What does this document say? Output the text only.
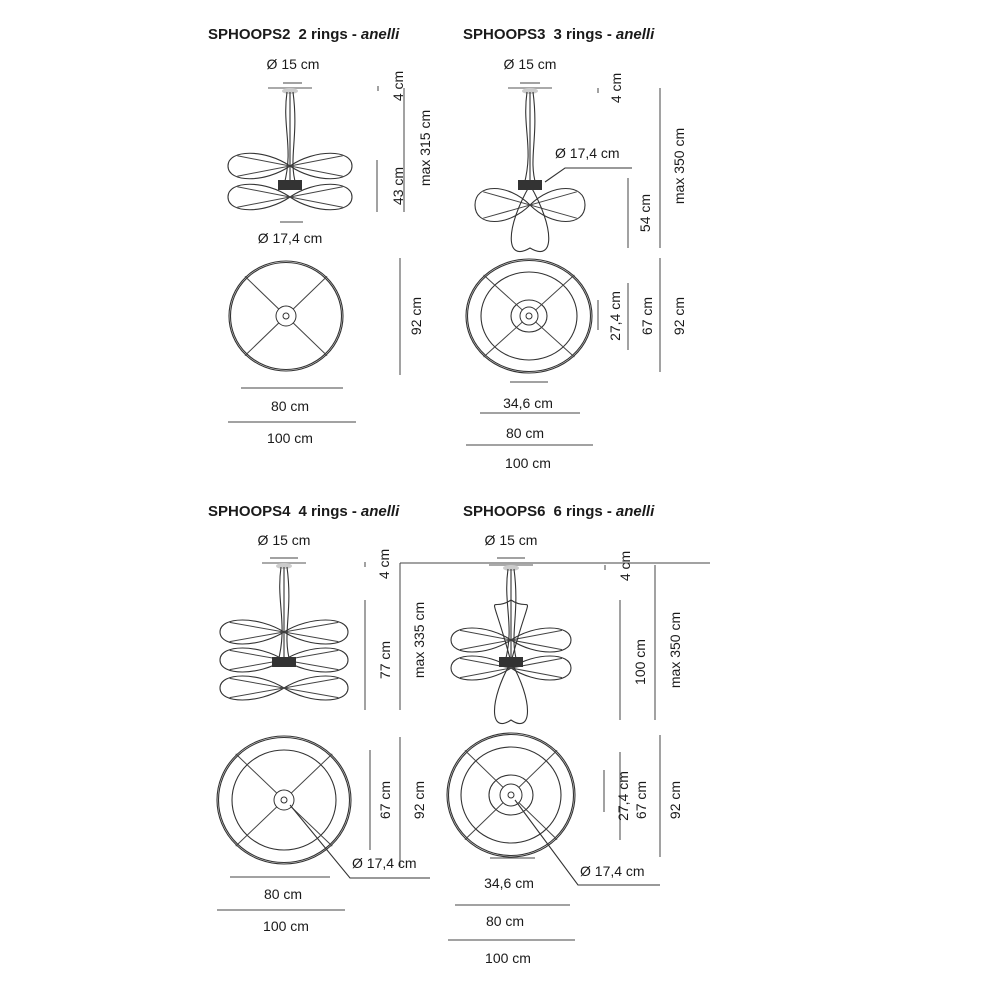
SPHOOPS2 2 rings - anelli
Ø 15 cm
4 cm
43 cm max 315 cm
Ø 17,4 cm
92 cm
80 cm
100 cm
SPHOOPS3 3 rings - anelli
Ø 15 cm
4 cm
Ø 17,4 cm
54 cm
max 350 cm
27,4 cm 67 cm 92 cm
34,6 cm
80 cm
100 cm
SPHOOPS4 4 rings - anelli
Ø 15 cm
4 cm
77 cm max 335 cm
67 cm 92 cm
Ø 17,4 cm
80 cm
100 cm
SPHOOPS6 6 rings - anelli
Ø 15 cm
4 cm
100 cm max 350 cm
27,4 cm 67 cm 92 cm
Ø 17,4 cm
34,6 cm
80 cm
100 cm
